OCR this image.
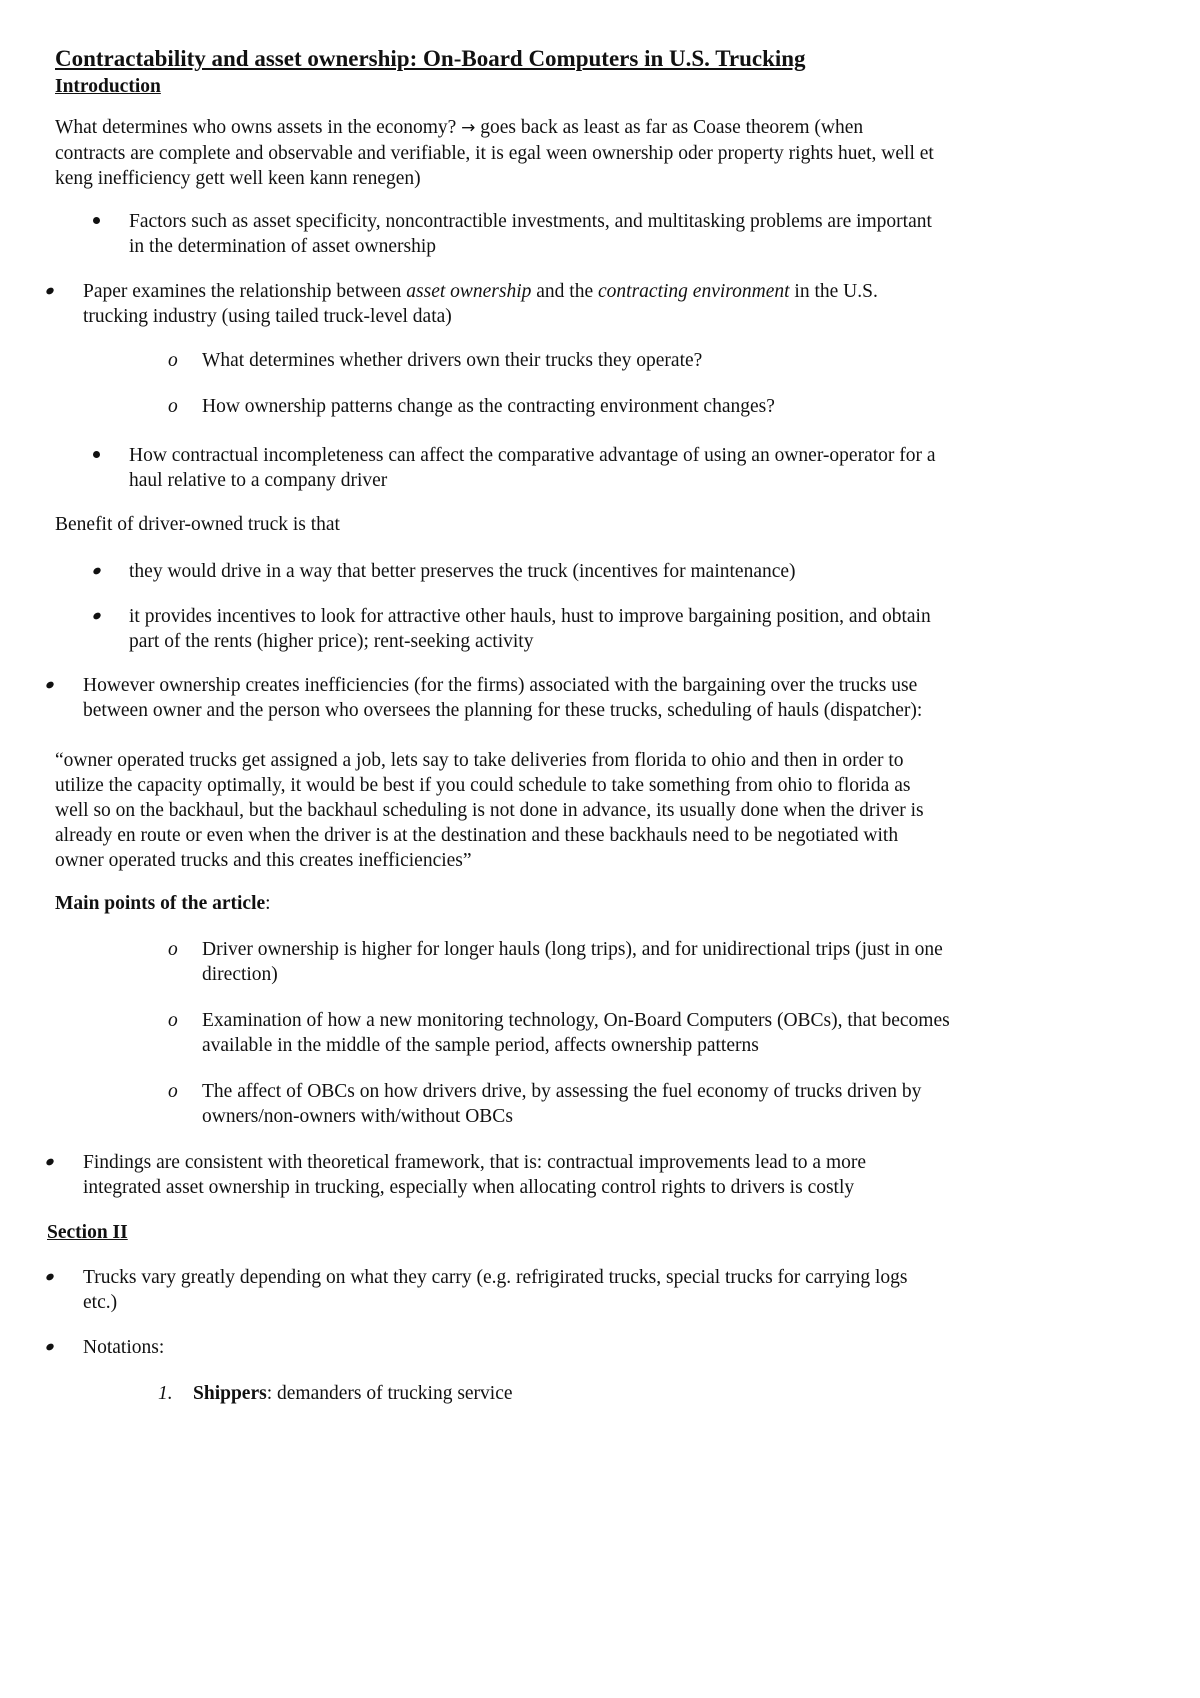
Contractability and asset ownership: On-Board Computers in U.S. Trucking
Introduction
What determines who owns assets in the economy? → goes back as least as far as Coase theorem (when
contracts are complete and observable and verifiable, it is egal ween ownership oder property rights huet, well et
keng inefficiency gett well keen kann renegen)
Factors such as asset specificity, noncontractible investments, and multitasking problems are important
in the determination of asset ownership
Paper examines the relationship between asset ownership and the contracting environment in the U.S.
trucking industry (using tailed truck-level data)
o What determines whether drivers own their trucks they operate?
o How ownership patterns change as the contracting environment changes?
How contractual incompleteness can affect the comparative advantage of using an owner-operator for a
haul relative to a company driver
Benefit of driver-owned truck is that
they would drive in a way that better preserves the truck (incentives for maintenance)
it provides incentives to look for attractive other hauls, hust to improve bargaining position, and obtain
part of the rents (higher price); rent-seeking activity
However ownership creates inefficiencies (for the firms) associated with the bargaining over the trucks use
between owner and the person who oversees the planning for these trucks, scheduling of hauls (dispatcher):
“owner operated trucks get assigned a job, lets say to take deliveries from florida to ohio and then in order to
utilize the capacity optimally, it would be best if you could schedule to take something from ohio to florida as
well so on the backhaul, but the backhaul scheduling is not done in advance, its usually done when the driver is
already en route or even when the driver is at the destination and these backhauls need to be negotiated with
owner operated trucks and this creates inefficiencies”
Main points of the article:
o Driver ownership is higher for longer hauls (long trips), and for unidirectional trips (just in one
direction)
o Examination of how a new monitoring technology, On-Board Computers (OBCs), that becomes
available in the middle of the sample period, affects ownership patterns
o The affect of OBCs on how drivers drive, by assessing the fuel economy of trucks driven by
owners/non-owners with/without OBCs
Findings are consistent with theoretical framework, that is: contractual improvements lead to a more
integrated asset ownership in trucking, especially when allocating control rights to drivers is costly
Section II
Trucks vary greatly depending on what they carry (e.g. refrigirated trucks, special trucks for carrying logs
etc.)
Notations:
1. Shippers: demanders of trucking service
